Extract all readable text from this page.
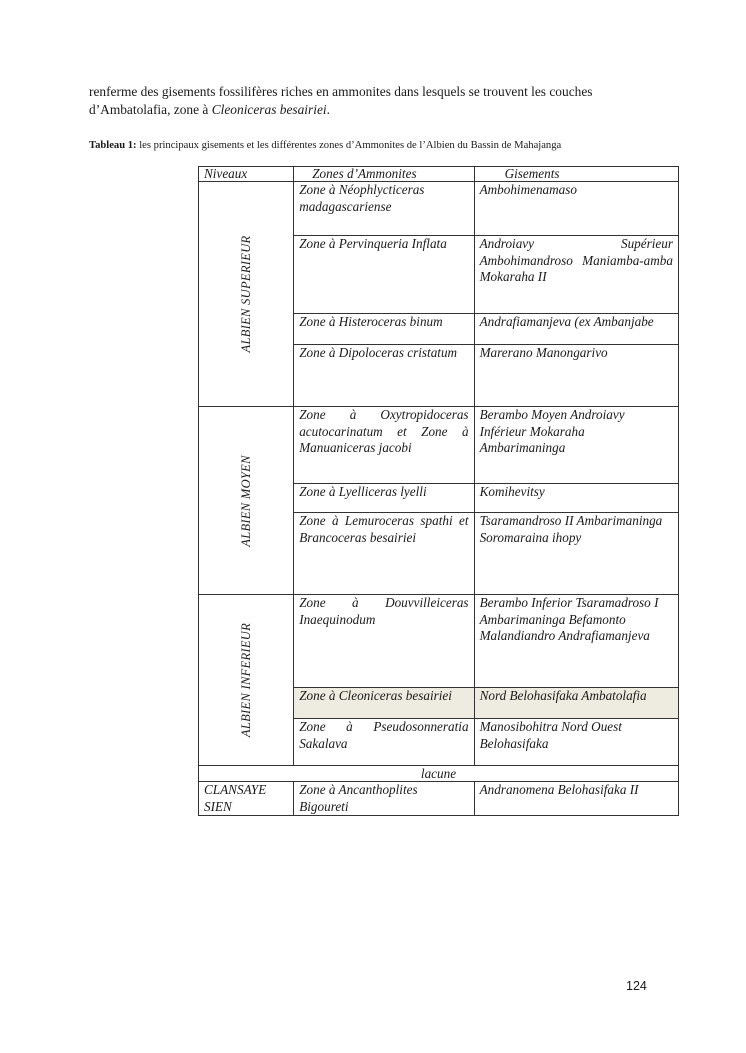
renferme des gisements fossilifères riches en ammonites dans lesquels se trouvent les couches d’Ambatolafia, zone à Cleoniceras besairiei.
Tableau 1: les principaux gisements et les différentes zones d’Ammonites de l’Albien du Bassin de Mahajanga
Niveaux	Zones d’Ammonites	Gisements

ALBIEN SUPERIEUR	Zone à Néophlycticeras madagascariense	Ambohimenamaso
	Zone à Pervinqueria Inflata	Androiavy Supérieur Ambohimandroso Maniamba-amba Mokaraha II
	Zone à Histeroceras binum	Andrafiamanjeva (ex Ambanjabe
	Zone à Dipoloceras cristatum	Marerano Manongarivo

ALBIEN MOYEN	Zone à Oxytropidoceras acutocarinatum et Zone à Manuaniceras jacobi	Berambo Moyen Androiavy Inférieur Mokaraha Ambarimaninga
	Zone à Lyelliceras lyelli	Komihevitsy
	Zone à Lemuroceras spathi et Brancoceras besairiei	Tsaramandroso II Ambarimaninga Soromaraina ihopy

ALBIEN INFERIEUR	Zone à Douvvilleiceras Inaequinodum	Berambo Inferior Tsaramadroso I Ambarimaninga Befamonto Malandiandro Andrafiamanjeva
	Zone à Cleoniceras besairiei	Nord Belohasifaka Ambatolafia
	Zone à Pseudosonneratia Sakalava	Manosibohitra Nord Ouest Belohasifaka
lacune		
CLANSAYE SIEN	Zone à Ancanthoplites Bigoureti	Andranomena Belohasifaka II
124
